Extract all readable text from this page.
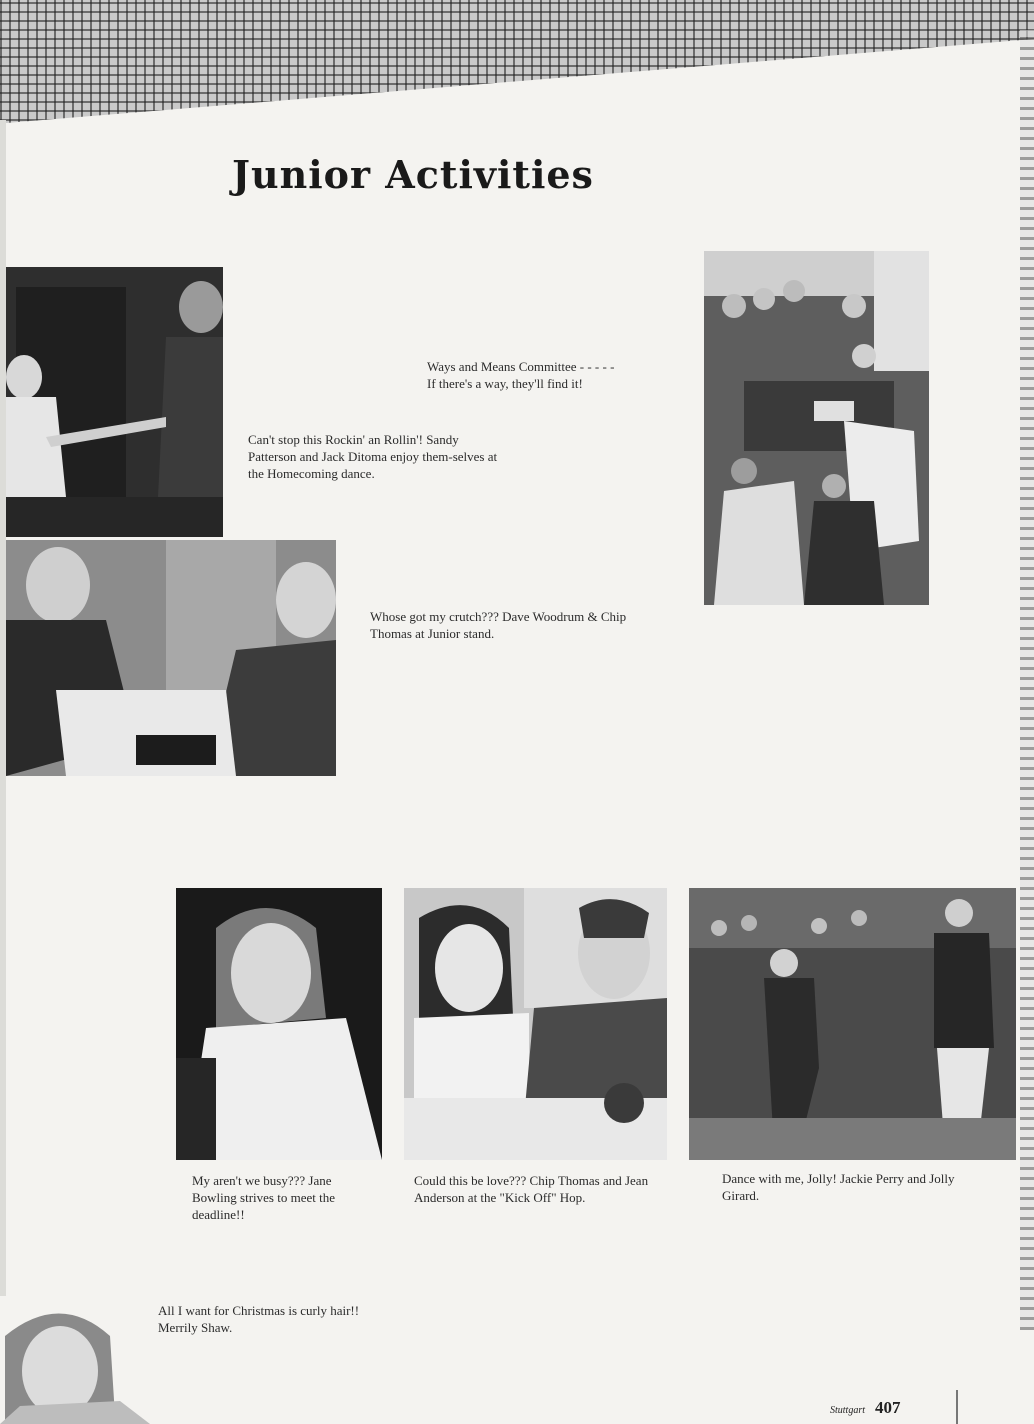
Junior Activities
Ways and Means Committee - - - - -
If there's a way, they'll find it!
Can't stop this Rockin' an Rollin'! Sandy Patterson and Jack Ditoma enjoy them-selves at the Homecoming dance.
Whose got my crutch??? Dave Woodrum & Chip Thomas at Junior stand.
My aren't we busy??? Jane Bowling strives to meet the deadline!!
Could this be love??? Chip Thomas and Jean Anderson at the "Kick Off" Hop.
Dance with me, Jolly! Jackie Perry and Jolly Girard.
All I want for Christmas is curly hair!! Merrily Shaw.
Stuttgart 407
